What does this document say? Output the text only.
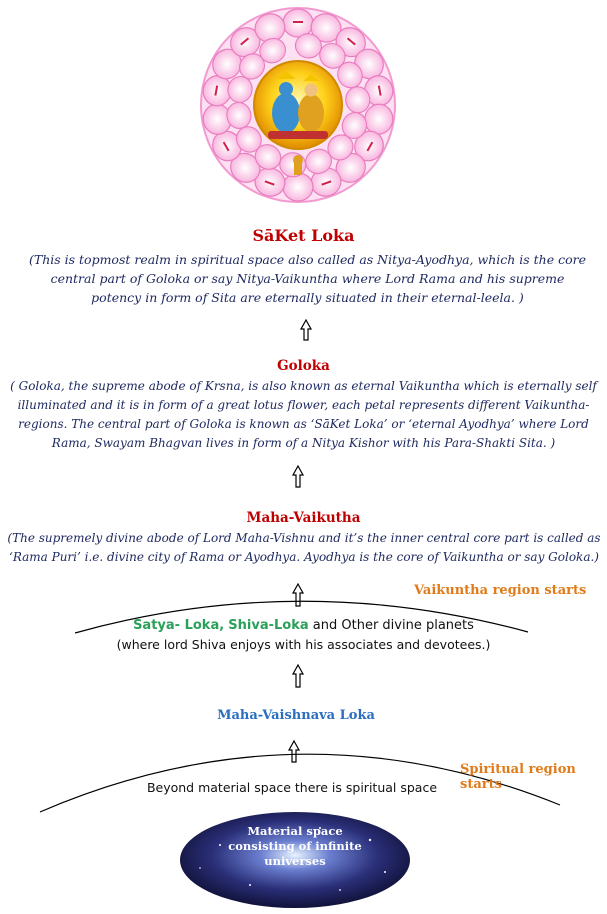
SāKet Loka
(This is topmost realm in spiritual space also called as Nitya-Ayodhya, which is the core central part of Goloka or say Nitya-Vaikuntha where Lord Rama and his supreme potency in form of Sita are eternally situated in their eternal-leela. )
Goloka
( Goloka, the supreme abode of Krsna, is also known as eternal Vaikuntha which is eternally self illuminated and it is in form of a great lotus flower, each petal represents different Vaikuntha-regions. The central part of Goloka is known as ‘SāKet Loka’ or ‘eternal Ayodhya’ where Lord Rama, Swayam Bhagvan lives in form of a Nitya Kishor with his Para-Shakti Sita. )
Maha-Vaikutha
(The supremely divine abode of Lord Maha-Vishnu and it’s the inner central core part is called as ‘Rama Puri’ i.e. divine city of Rama or Ayodhya. Ayodhya is the core of Vaikuntha or say Goloka.)
Vaikuntha region starts
Satya- Loka, Shiva-Loka and Other divine planets
(where lord Shiva enjoys with his associates and devotees.)
Maha-Vaishnava Loka
Spiritual region starts
Beyond material space there is spiritual space
Material space
consisting of infinite
universes
